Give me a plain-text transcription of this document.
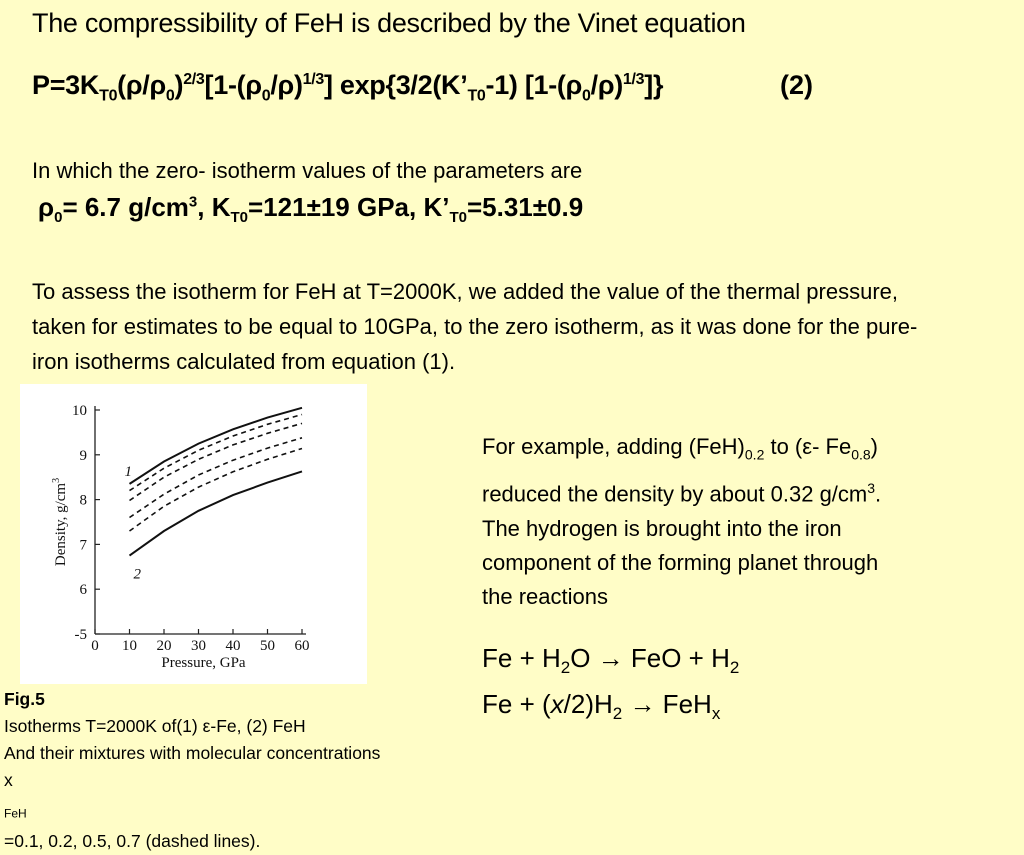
The compressibility of FeH is described by the Vinet equation
$P=3K_{T0}(\rho/\rho_0)^{2/3}[1-(\rho_0/\rho)^{1/3}]$ $\exp\{3/2(K’_{T0}-1)$ $[1-(\rho_0/\rho)^{1/3}]$}	(2)
In which the zero- isotherm values of the parameters are
$\rho_0= 6.7$ $g/cm^3$, $K_{T0}=121\pm 19$ GPa, $K’_{T0}=5.31\pm 0.9$
To assess the isotherm for FeH at T=2000K, we added the value of the thermal pressure,
taken for estimates to be equal to 10GPa, to the zero isotherm, as it was done for the pure-
iron isotherms calculated from equation (1).
0 10 20 30 40 50 60
-5
6
7
8
9
10
Pressure, GPa
Density, $g/cm^3$
1
2
Fig.5
Isotherms T=2000K of(1) ε-Fe, (2) FeH
And their mixtures with molecular concentrations
x
$_{FeH}$
=0.1, 0.2, 0.5, 0.7 (dashed lines).
For example, adding $(FeH)_{0.2}$ to (ε- $Fe_{0.8}$)
reduced the density by about 0.32 $g/cm^3$.
The hydrogen is brought into the iron
component of the forming planet through
the reactions
$Fe + H_2O$ → FeO + $H_2$
$Fe + (x/2)H_2 \to FeH_x$
